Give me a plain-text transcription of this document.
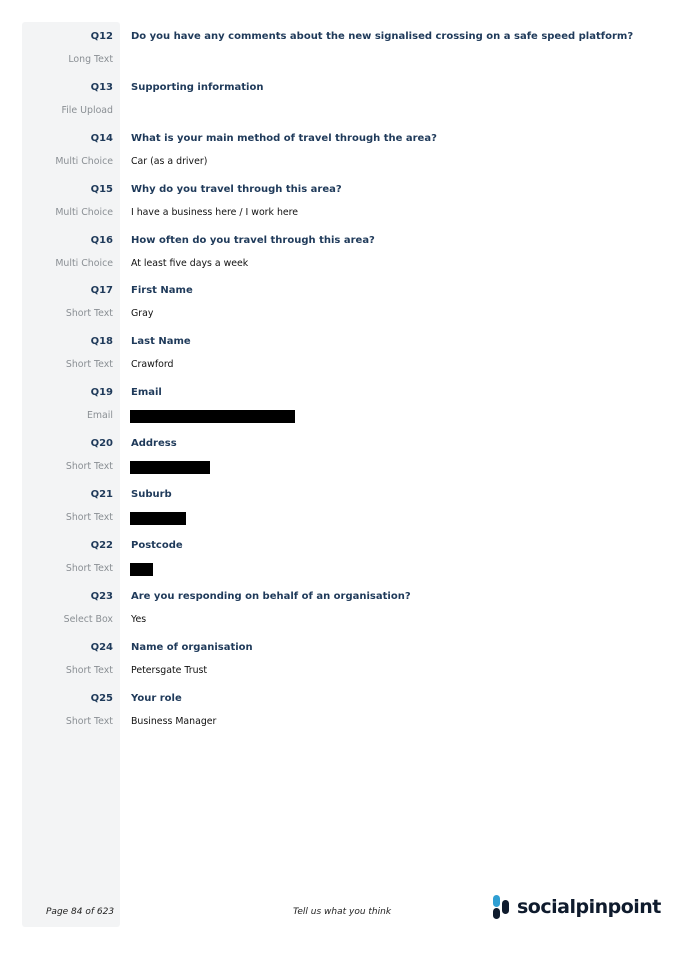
Q12 Do you have any comments about the new signalised crossing on a safe speed platform?
Long Text
Q13 Supporting information
File Upload
Q14 What is your main method of travel through the area?
Multi Choice Car (as a driver)
Q15 Why do you travel through this area?
Multi Choice I have a business here / I work here
Q16 How often do you travel through this area?
Multi Choice At least five days a week
Q17 First Name
Short Text Gray
Q18 Last Name
Short Text Crawford
Q19 Email
Email
Q20 Address
Short Text
Q21 Suburb
Short Text
Q22 Postcode
Short Text
Q23 Are you responding on behalf of an organisation?
Select Box Yes
Q24 Name of organisation
Short Text Petersgate Trust
Q25 Your role
Short Text Business Manager
Page 84 of 623	Tell us what you think	socialpinpoint
